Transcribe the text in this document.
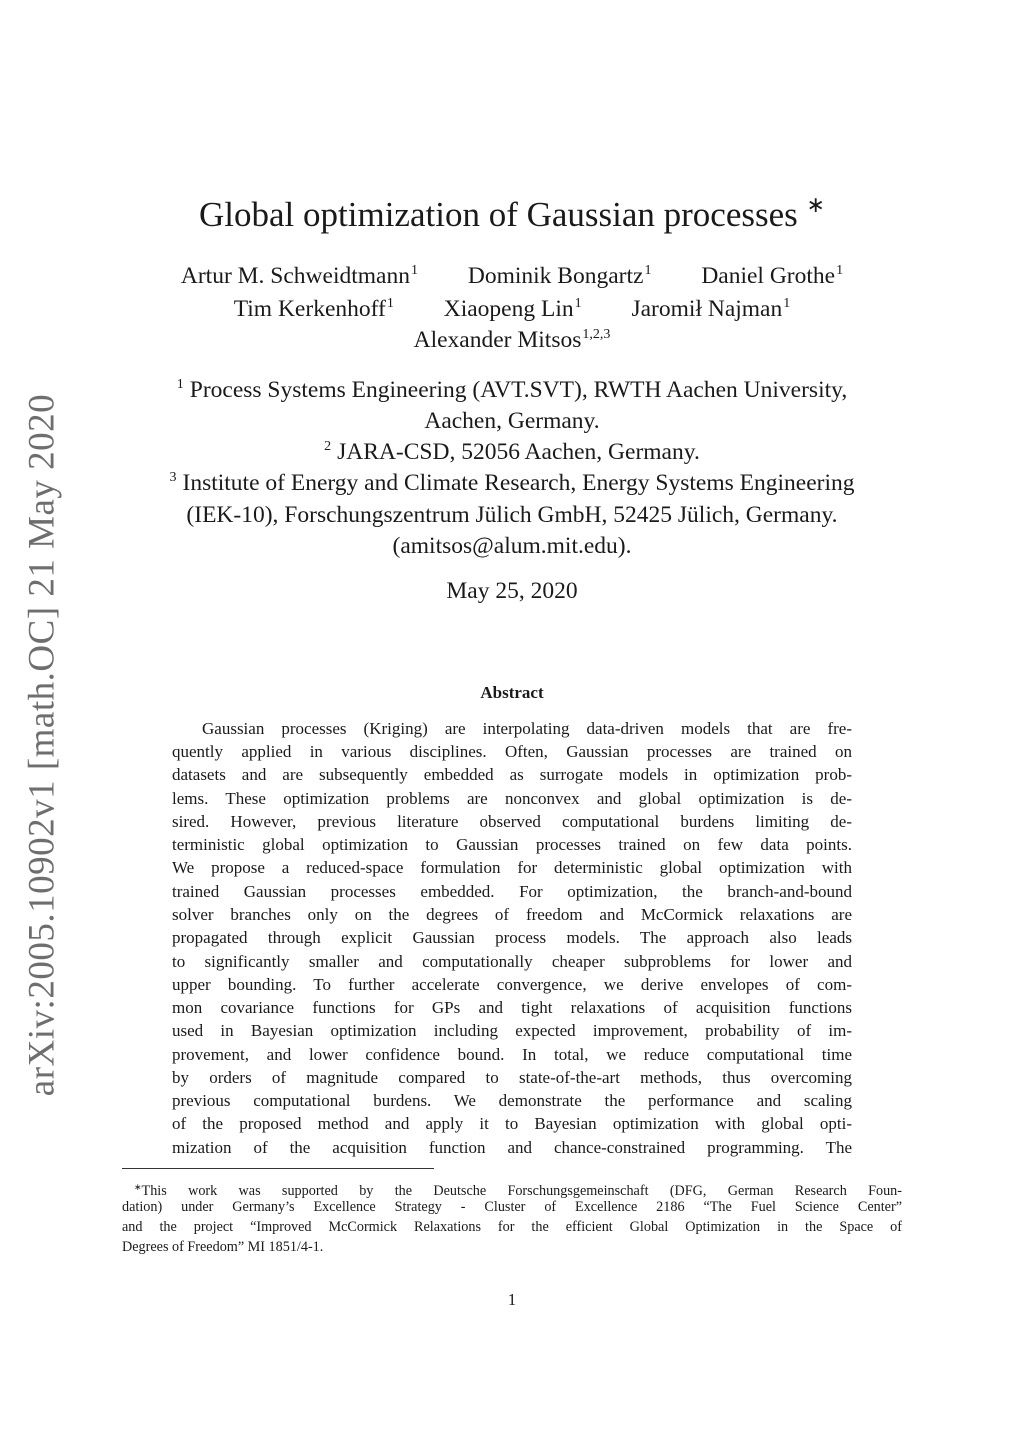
arXiv:2005.10902v1 [math.OC] 21 May 2020
Global optimization of Gaussian processes ∗
Artur M. Schweidtmann$^1$ Dominik Bongartz$^1$ Daniel Grothe$^1$
Tim Kerkenhoff$^1$ Xiaopeng Lin$^1$ Jaromił Najman$^1$
Alexander Mitsos$^{1,2,3}$
$^1$ Process Systems Engineering (AVT.SVT), RWTH Aachen University,
Aachen, Germany.
$^2$ JARA-CSD, 52056 Aachen, Germany.
$^3$ Institute of Energy and Climate Research, Energy Systems Engineering
(IEK-10), Forschungszentrum Jülich GmbH, 52425 Jülich, Germany.
(amitsos@alum.mit.edu).
May 25, 2020
Abstract
Gaussian processes (Kriging) are interpolating data-driven models that are fre-
quently applied in various disciplines. Often, Gaussian processes are trained on
datasets and are subsequently embedded as surrogate models in optimization prob-
lems. These optimization problems are nonconvex and global optimization is de-
sired. However, previous literature observed computational burdens limiting de-
terministic global optimization to Gaussian processes trained on few data points.
We propose a reduced-space formulation for deterministic global optimization with
trained Gaussian processes embedded. For optimization, the branch-and-bound
solver branches only on the degrees of freedom and McCormick relaxations are
propagated through explicit Gaussian process models. The approach also leads
to significantly smaller and computationally cheaper subproblems for lower and
upper bounding. To further accelerate convergence, we derive envelopes of com-
mon covariance functions for GPs and tight relaxations of acquisition functions
used in Bayesian optimization including expected improvement, probability of im-
provement, and lower confidence bound. In total, we reduce computational time
by orders of magnitude compared to state-of-the-art methods, thus overcoming
previous computational burdens. We demonstrate the performance and scaling
of the proposed method and apply it to Bayesian optimization with global opti-
mization of the acquisition function and chance-constrained programming. The
∗This work was supported by the Deutsche Forschungsgemeinschaft (DFG, German Research Foun-
dation) under Germany’s Excellence Strategy - Cluster of Excellence 2186 “The Fuel Science Center”
and the project “Improved McCormick Relaxations for the efficient Global Optimization in the Space of
Degrees of Freedom” MI 1851/4-1.
1
